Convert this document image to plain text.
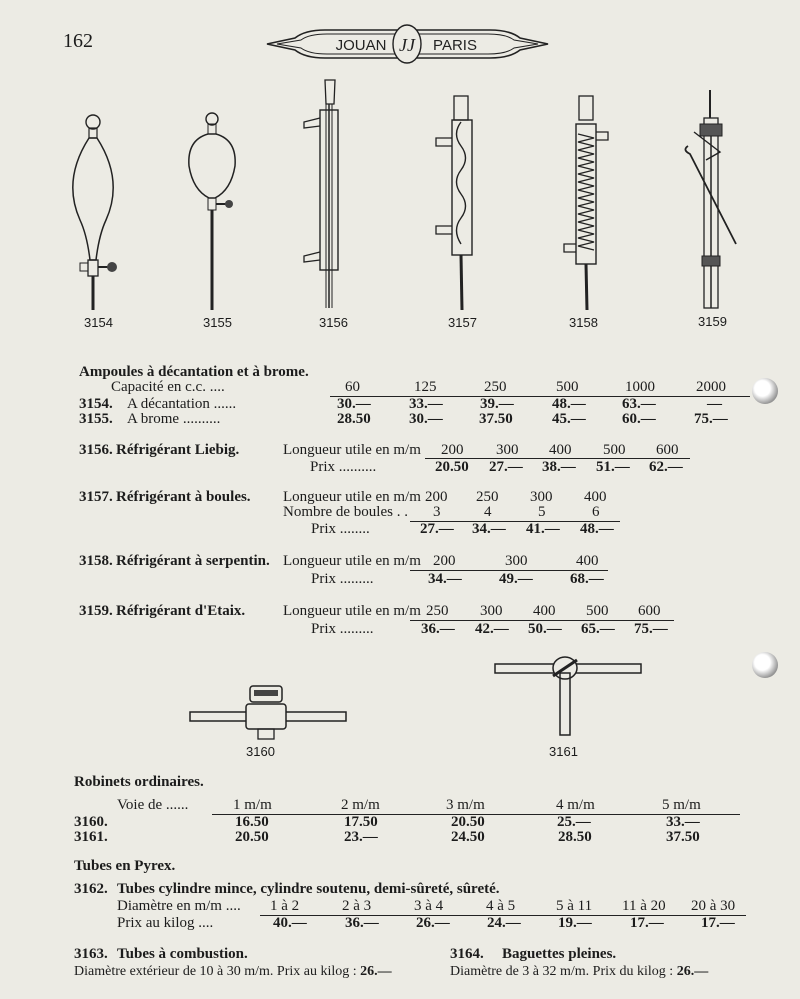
162	JJ
JOUAN	PARIS
3154	3155	3156	3157	3158	3159
Ampoules à décantation et à brome.
Capacité en c.c. ....	60	125	250	500	1000	2000
3154. A décantation ......	30.—	33.— 39.—	48.— 63.—	—
3155. A brome ..........	28.50	30.— 37.50	45.— 60.—	75.—
3156. Réfrigérant Liebig.	Longueur utile en m/m 200 300 400 500 600
Prix ..........	20.50 27.— 38.— 51.— 62.—
3157. Réfrigérant à boules. Longueur utile en m/m 200 250 300 400
Nombre de boules . . 3	4	5	6
Prix ........	27.— 34.— 41.— 48.—
3158. Réfrigérant à serpentin. Longueur utile en m/m 200	300	400
Prix .........	34.— 49.— 68.—
3159. Réfrigérant d'Etaix.	Longueur utile en m/m 250 300 400 500 600
Prix .........	36.— 42.— 50.— 65.— 75.—
3160	3161
Robinets ordinaires.
Voie de ......	1 m/m	2 m/m	3 m/m	4 m/m	5 m/m
3160.	16.50	17.50	20.50	25.—	33.—
3161.	20.50	23.—	24.50	28.50	37.50
Tubes en Pyrex.
3162. Tubes cylindre mince, cylindre soutenu, demi-sûreté, sûreté.
Diamètre en m/m .... 1 à 2	2 à 3	3 à 4	4 à 5	5 à 11 11 à 20 20 à 30
Prix au kilog ....	40.—	36.— 26.— 24.— 19.—	17.— 17.—
3163. Tubes à combustion.
Diamètre extérieur de 10 à 30 m/m. Prix au kilog : 26.—
3164. Baguettes pleines.
Diamètre de 3 à 32 m/m. Prix du kilog : 26.—
